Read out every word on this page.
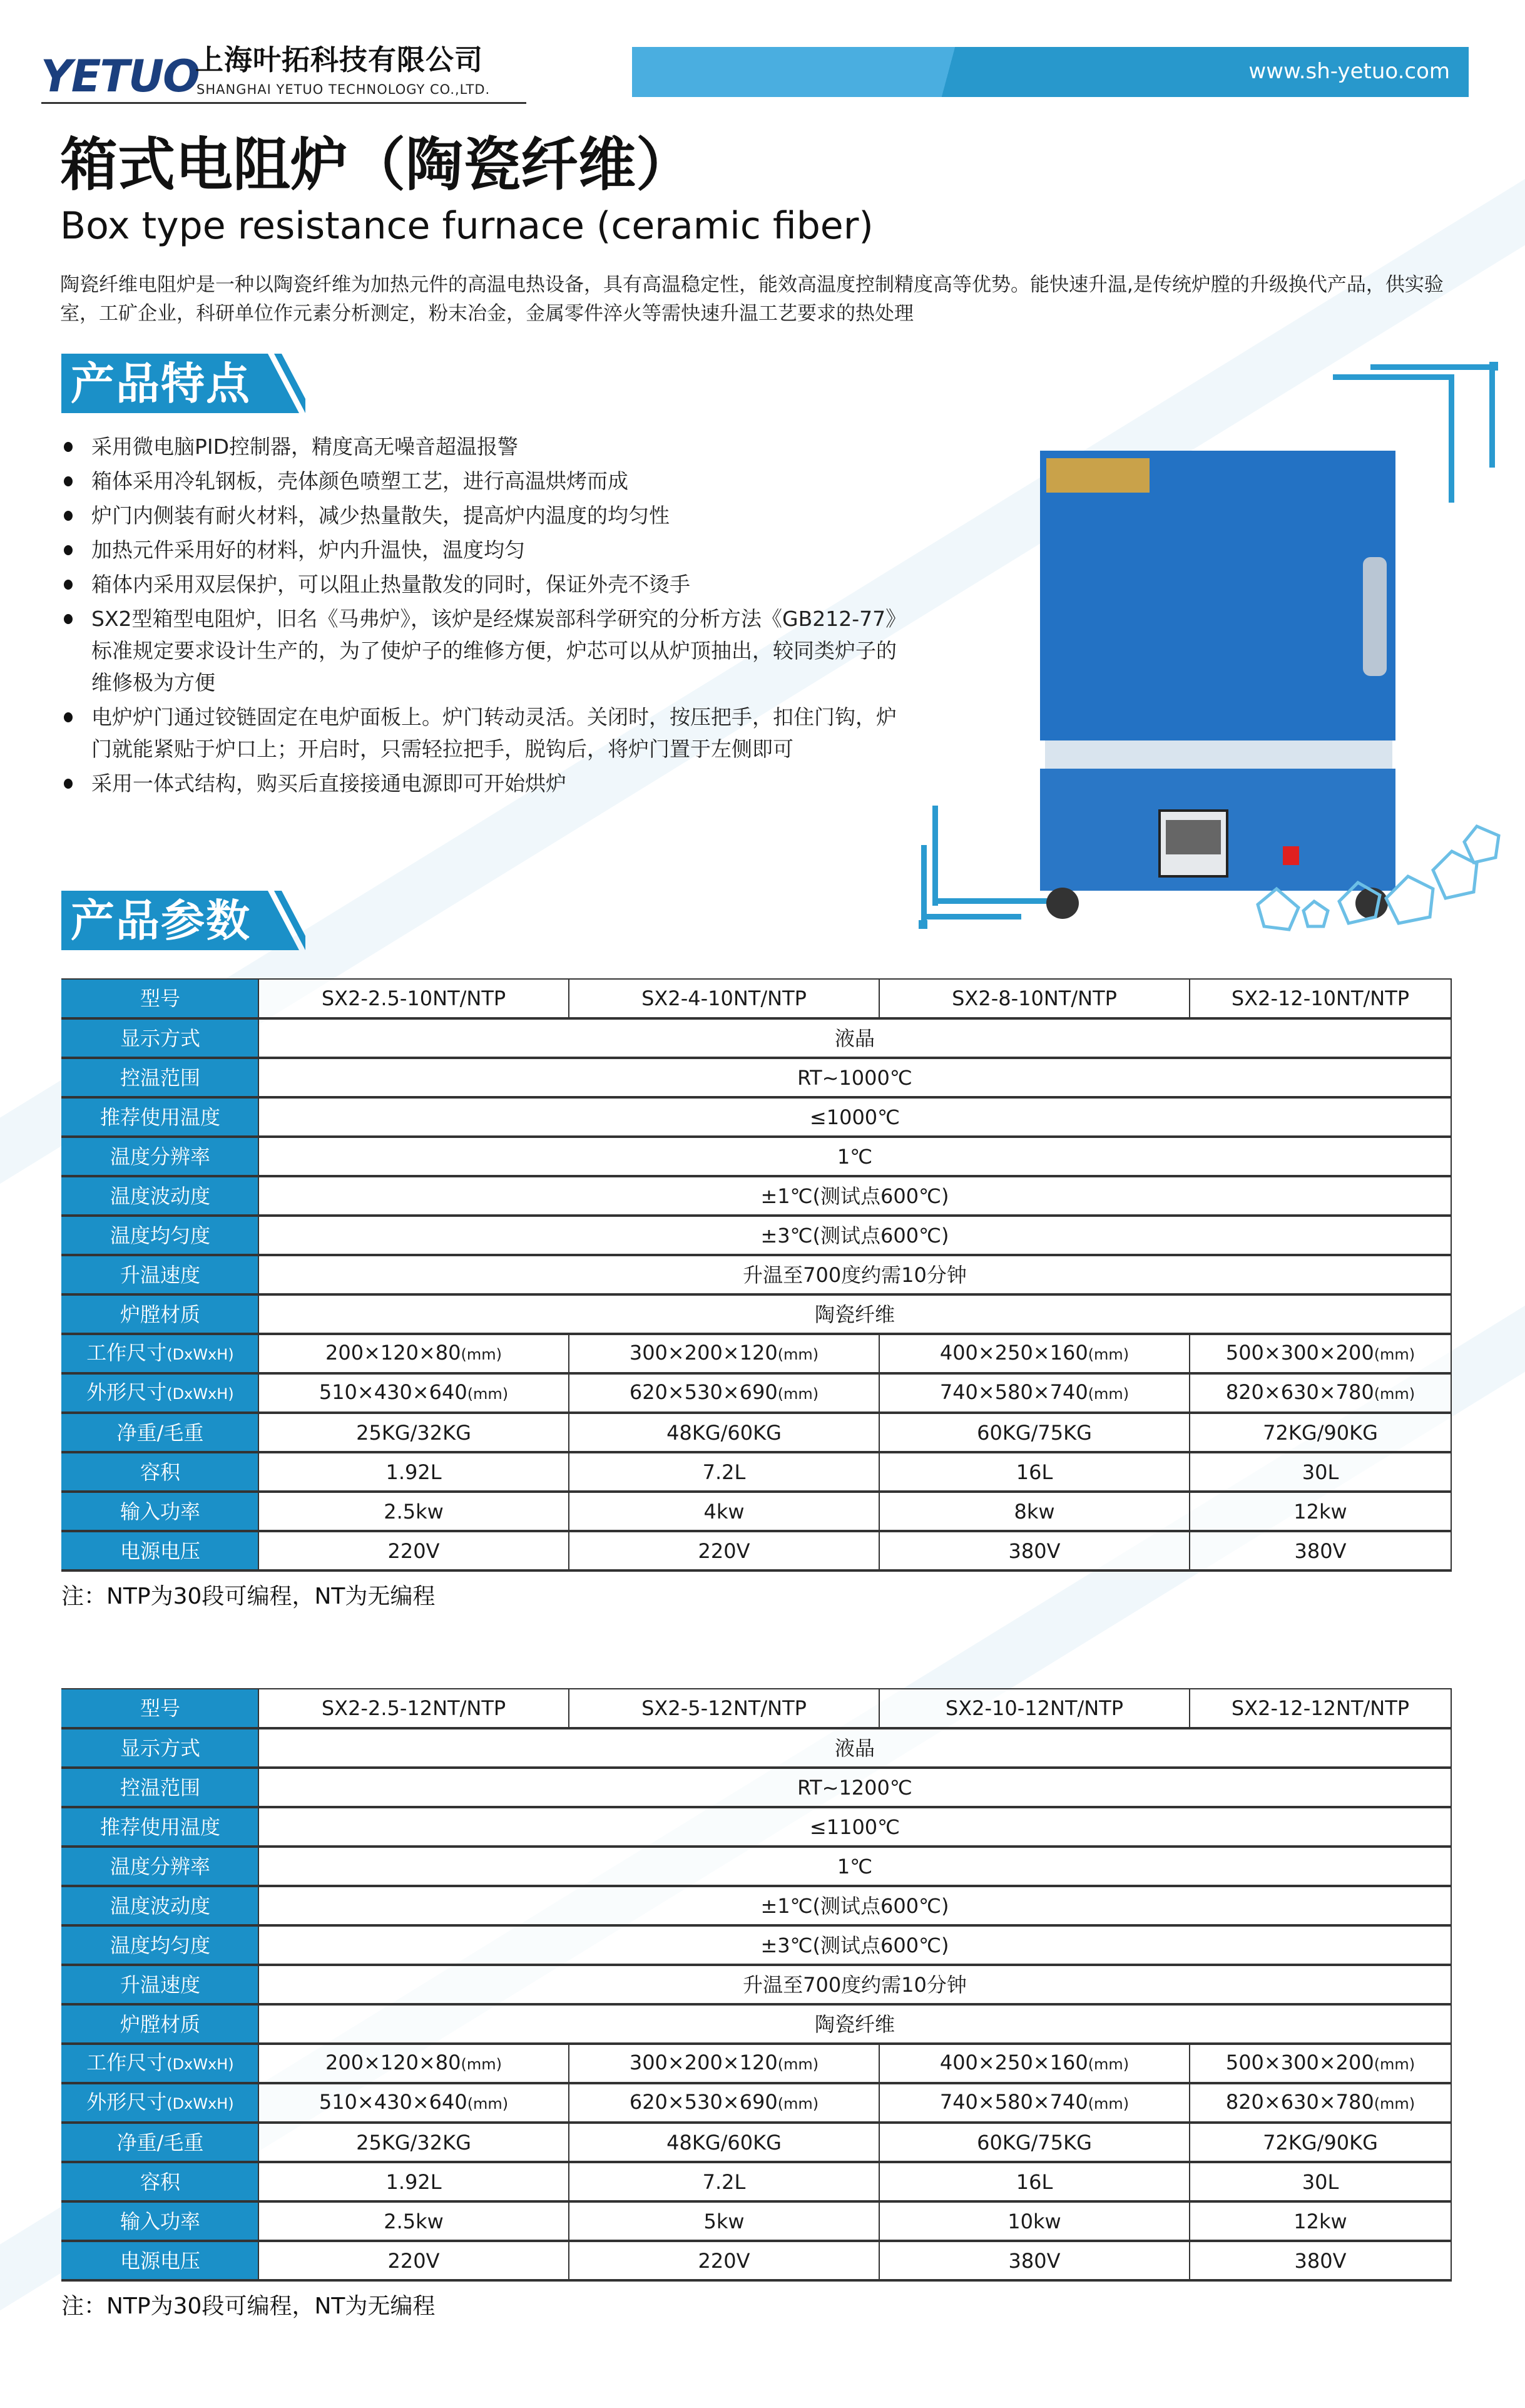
YETUO
上海叶拓科技有限公司
SHANGHAI YETUO TECHNOLOGY CO.,LTD.
www.sh-yetuo.com
箱式电阻炉（陶瓷纤维）
Box type resistance furnace (ceramic fiber)

陶瓷纤维电阻炉是一种以陶瓷纤维为加热元件的高温电热设备，具有高温稳定性，能效高温度控制精度高等优势。能快速升温,是传统炉膛的升级换代产品，供实验室，工矿企业，科研单位作元素分析测定，粉末冶金，金属零件淬火等需快速升温工艺要求的热处理

产品特点
采用微电脑PID控制器，精度高无噪音超温报警
箱体采用冷轧钢板，壳体颜色喷塑工艺，进行高温烘烤而成
炉门内侧装有耐火材料，减少热量散失，提高炉内温度的均匀性
加热元件采用好的材料，炉内升温快，温度均匀
箱体内采用双层保护，可以阻止热量散发的同时，保证外壳不烫手
SX2型箱型电阻炉，旧名《马弗炉》，该炉是经煤炭部科学研究的分析方法《GB212-77》标准规定要求设计生产的，为了使炉子的维修方便，炉芯可以从炉顶抽出，较同类炉子的维修极为方便
电炉炉门通过铰链固定在电炉面板上。炉门转动灵活。关闭时，按压把手，扣住门钩，炉门就能紧贴于炉口上；开启时，只需轻拉把手，脱钩后，将炉门置于左侧即可
采用一体式结构，购买后直接接通电源即可开始烘炉
产品参数
型号	SX2-2.5-10NT/NTP	SX2-4-10NT/NTP	SX2-8-10NT/NTP	SX2-12-10NT/NTP
显示方式	液晶			
控温范围	RT~1000℃			
推荐使用温度	≤1000℃			
温度分辨率	1℃			
温度波动度	±1℃(测试点600℃)			
温度均匀度	±3℃(测试点600℃)			
升温速度	升温至700度约需10分钟			
炉膛材质	陶瓷纤维			
工作尺寸(DxWxH)	200×120×80(mm)	300×200×120(mm)	400×250×160(mm)	500×300×200(mm)
外形尺寸(DxWxH)	510×430×640(mm)	620×530×690(mm)	740×580×740(mm)	820×630×780(mm)
净重/毛重	25KG/32KG	48KG/60KG	60KG/75KG	72KG/90KG
容积	1.92L	7.2L	16L	30L
输入功率	2.5kw	4kw	8kw	12kw
电源电压	220V	220V	380V	380V
注：NTP为30段可编程，NT为无编程
型号	SX2-2.5-12NT/NTP	SX2-5-12NT/NTP	SX2-10-12NT/NTP	SX2-12-12NT/NTP
显示方式	液晶			
控温范围	RT~1200℃			
推荐使用温度	≤1100℃			
温度分辨率	1℃			
温度波动度	±1℃(测试点600℃)			
温度均匀度	±3℃(测试点600℃)			
升温速度	升温至700度约需10分钟			
炉膛材质	陶瓷纤维			
工作尺寸(DxWxH)	200×120×80(mm)	300×200×120(mm)	400×250×160(mm)	500×300×200(mm)
外形尺寸(DxWxH)	510×430×640(mm)	620×530×690(mm)	740×580×740(mm)	820×630×780(mm)
净重/毛重	25KG/32KG	48KG/60KG	60KG/75KG	72KG/90KG
容积	1.92L	7.2L	16L	30L
输入功率	2.5kw	5kw	10kw	12kw
电源电压	220V	220V	380V	380V
注：NTP为30段可编程，NT为无编程
